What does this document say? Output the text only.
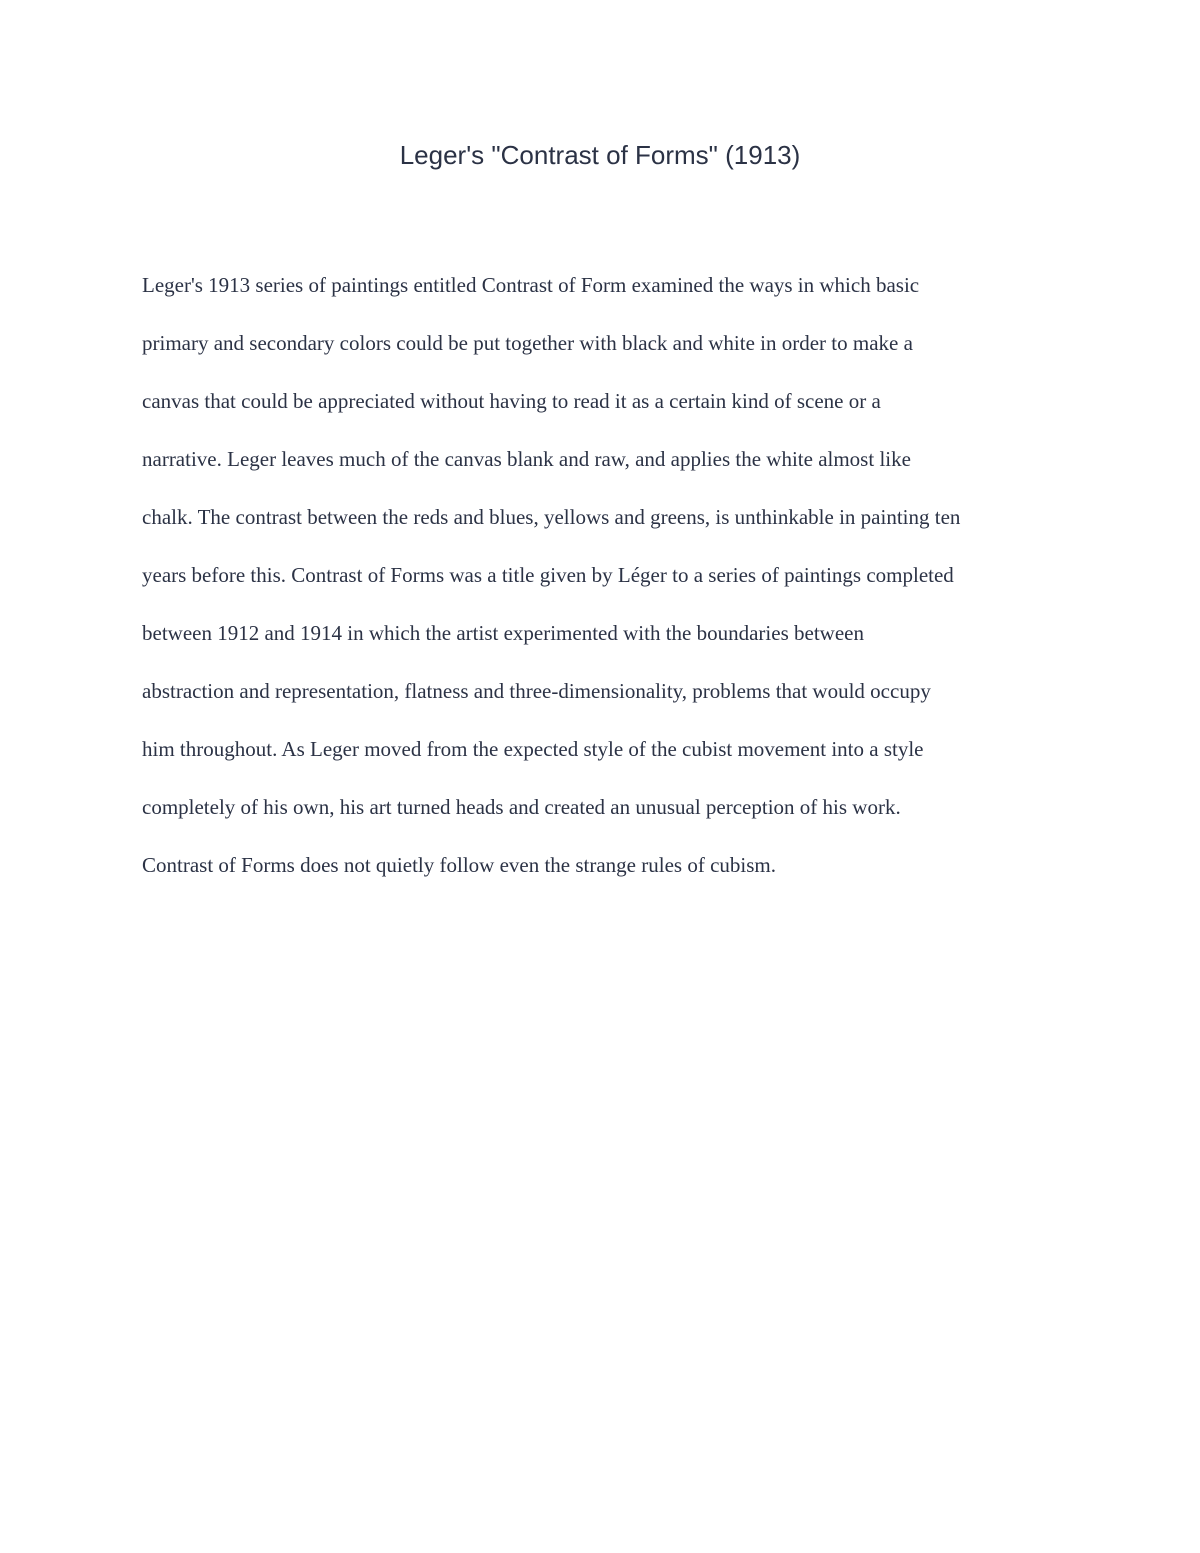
Leger's "Contrast of Forms" (1913)
Leger's 1913 series of paintings entitled Contrast of Form examined the ways in which basic
primary and secondary colors could be put together with black and white in order to make a
canvas that could be appreciated without having to read it as a certain kind of scene or a
narrative. Leger leaves much of the canvas blank and raw, and applies the white almost like
chalk. The contrast between the reds and blues, yellows and greens, is unthinkable in painting ten
years before this. Contrast of Forms was a title given by Léger to a series of paintings completed
between 1912 and 1914 in which the artist experimented with the boundaries between
abstraction and representation, flatness and three-dimensionality, problems that would occupy
him throughout. As Leger moved from the expected style of the cubist movement into a style
completely of his own, his art turned heads and created an unusual perception of his work.
Contrast of Forms does not quietly follow even the strange rules of cubism.
